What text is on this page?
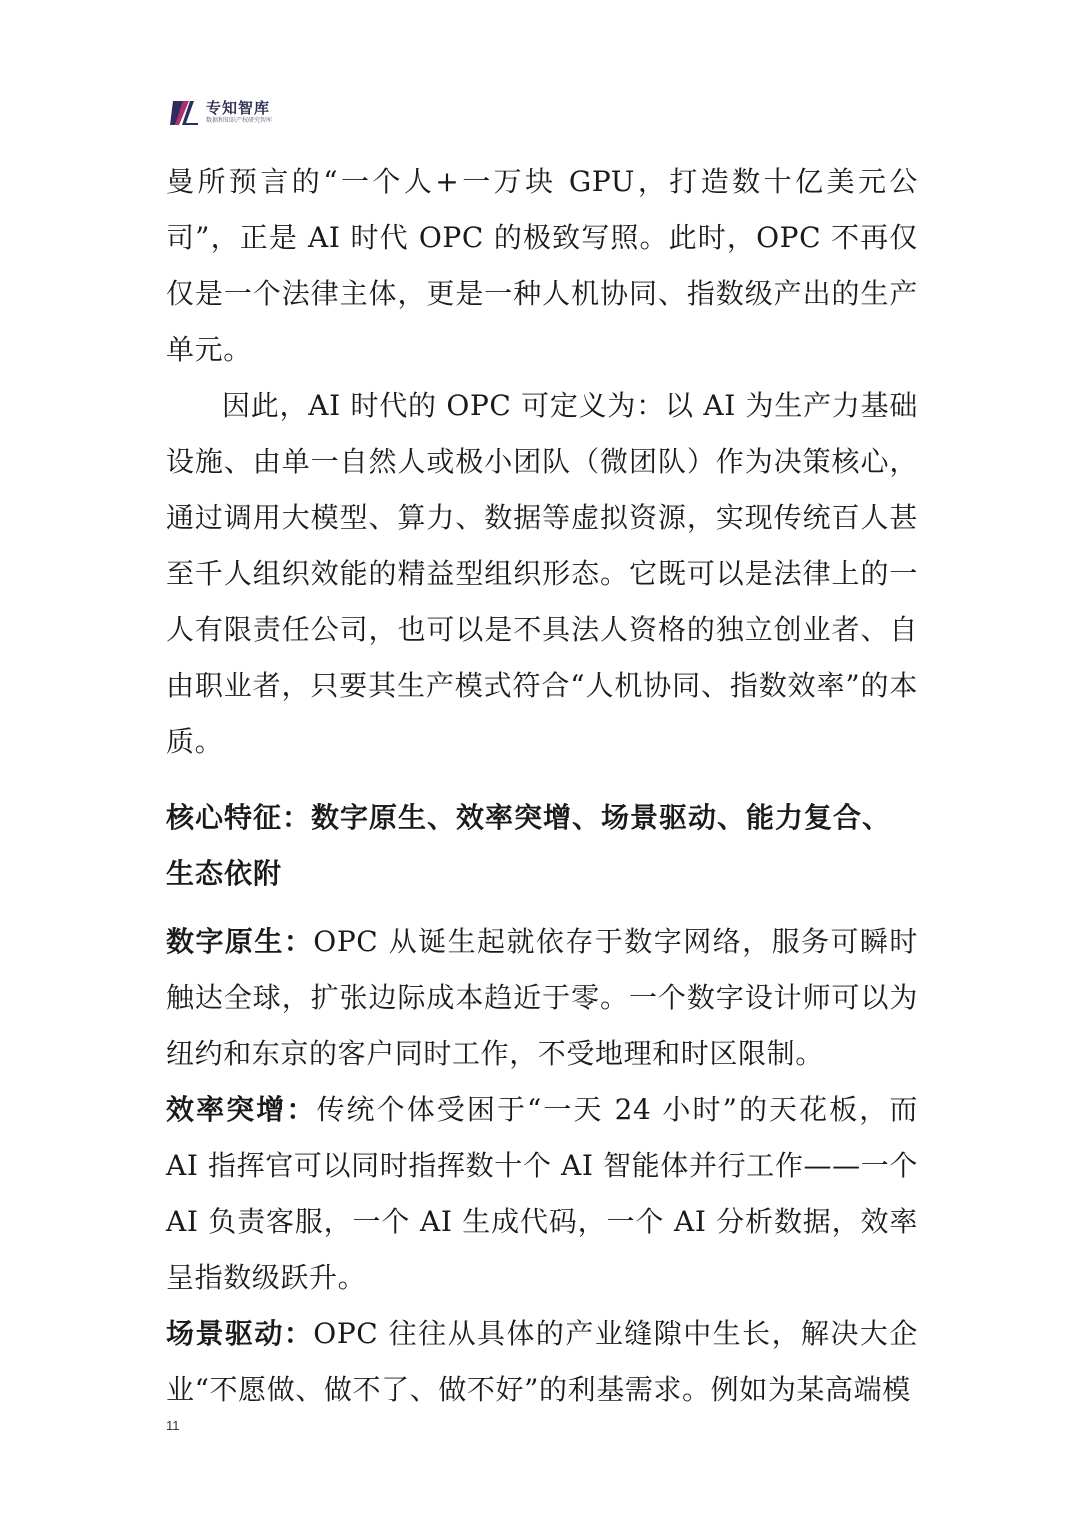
专知智库
数据和知识产权研究智库

曼所预言的“一个人+一万块 GPU，打造数十亿美元公司”，正是 AI 时代 OPC 的极致写照。此时，OPC 不再仅仅是一个法律主体，更是一种人机协同、指数级产出的生产单元。

因此，AI 时代的 OPC 可定义为：以 AI 为生产力基础设施、由单一自然人或极小团队（微团队）作为决策核心，通过调用大模型、算力、数据等虚拟资源，实现传统百人甚至千人组织效能的精益型组织形态。它既可以是法律上的一人有限责任公司，也可以是不具法人资格的独立创业者、自由职业者，只要其生产模式符合“人机协同、指数效率”的本质。

核心特征：数字原生、效率突增、场景驱动、能力复合、生态依附

数字原生：OPC 从诞生起就依存于数字网络，服务可瞬时触达全球，扩张边际成本趋近于零。一个数字设计师可以为纽约和东京的客户同时工作，不受地理和时区限制。

效率突增：传统个体受困于“一天 24 小时”的天花板，而 AI 指挥官可以同时指挥数十个 AI 智能体并行工作——一个 AI 负责客服，一个 AI 生成代码，一个 AI 分析数据，效率呈指数级跃升。

场景驱动：OPC 往往从具体的产业缝隙中生长，解决大企业“不愿做、做不了、做不好”的利基需求。例如为某高端模

11
